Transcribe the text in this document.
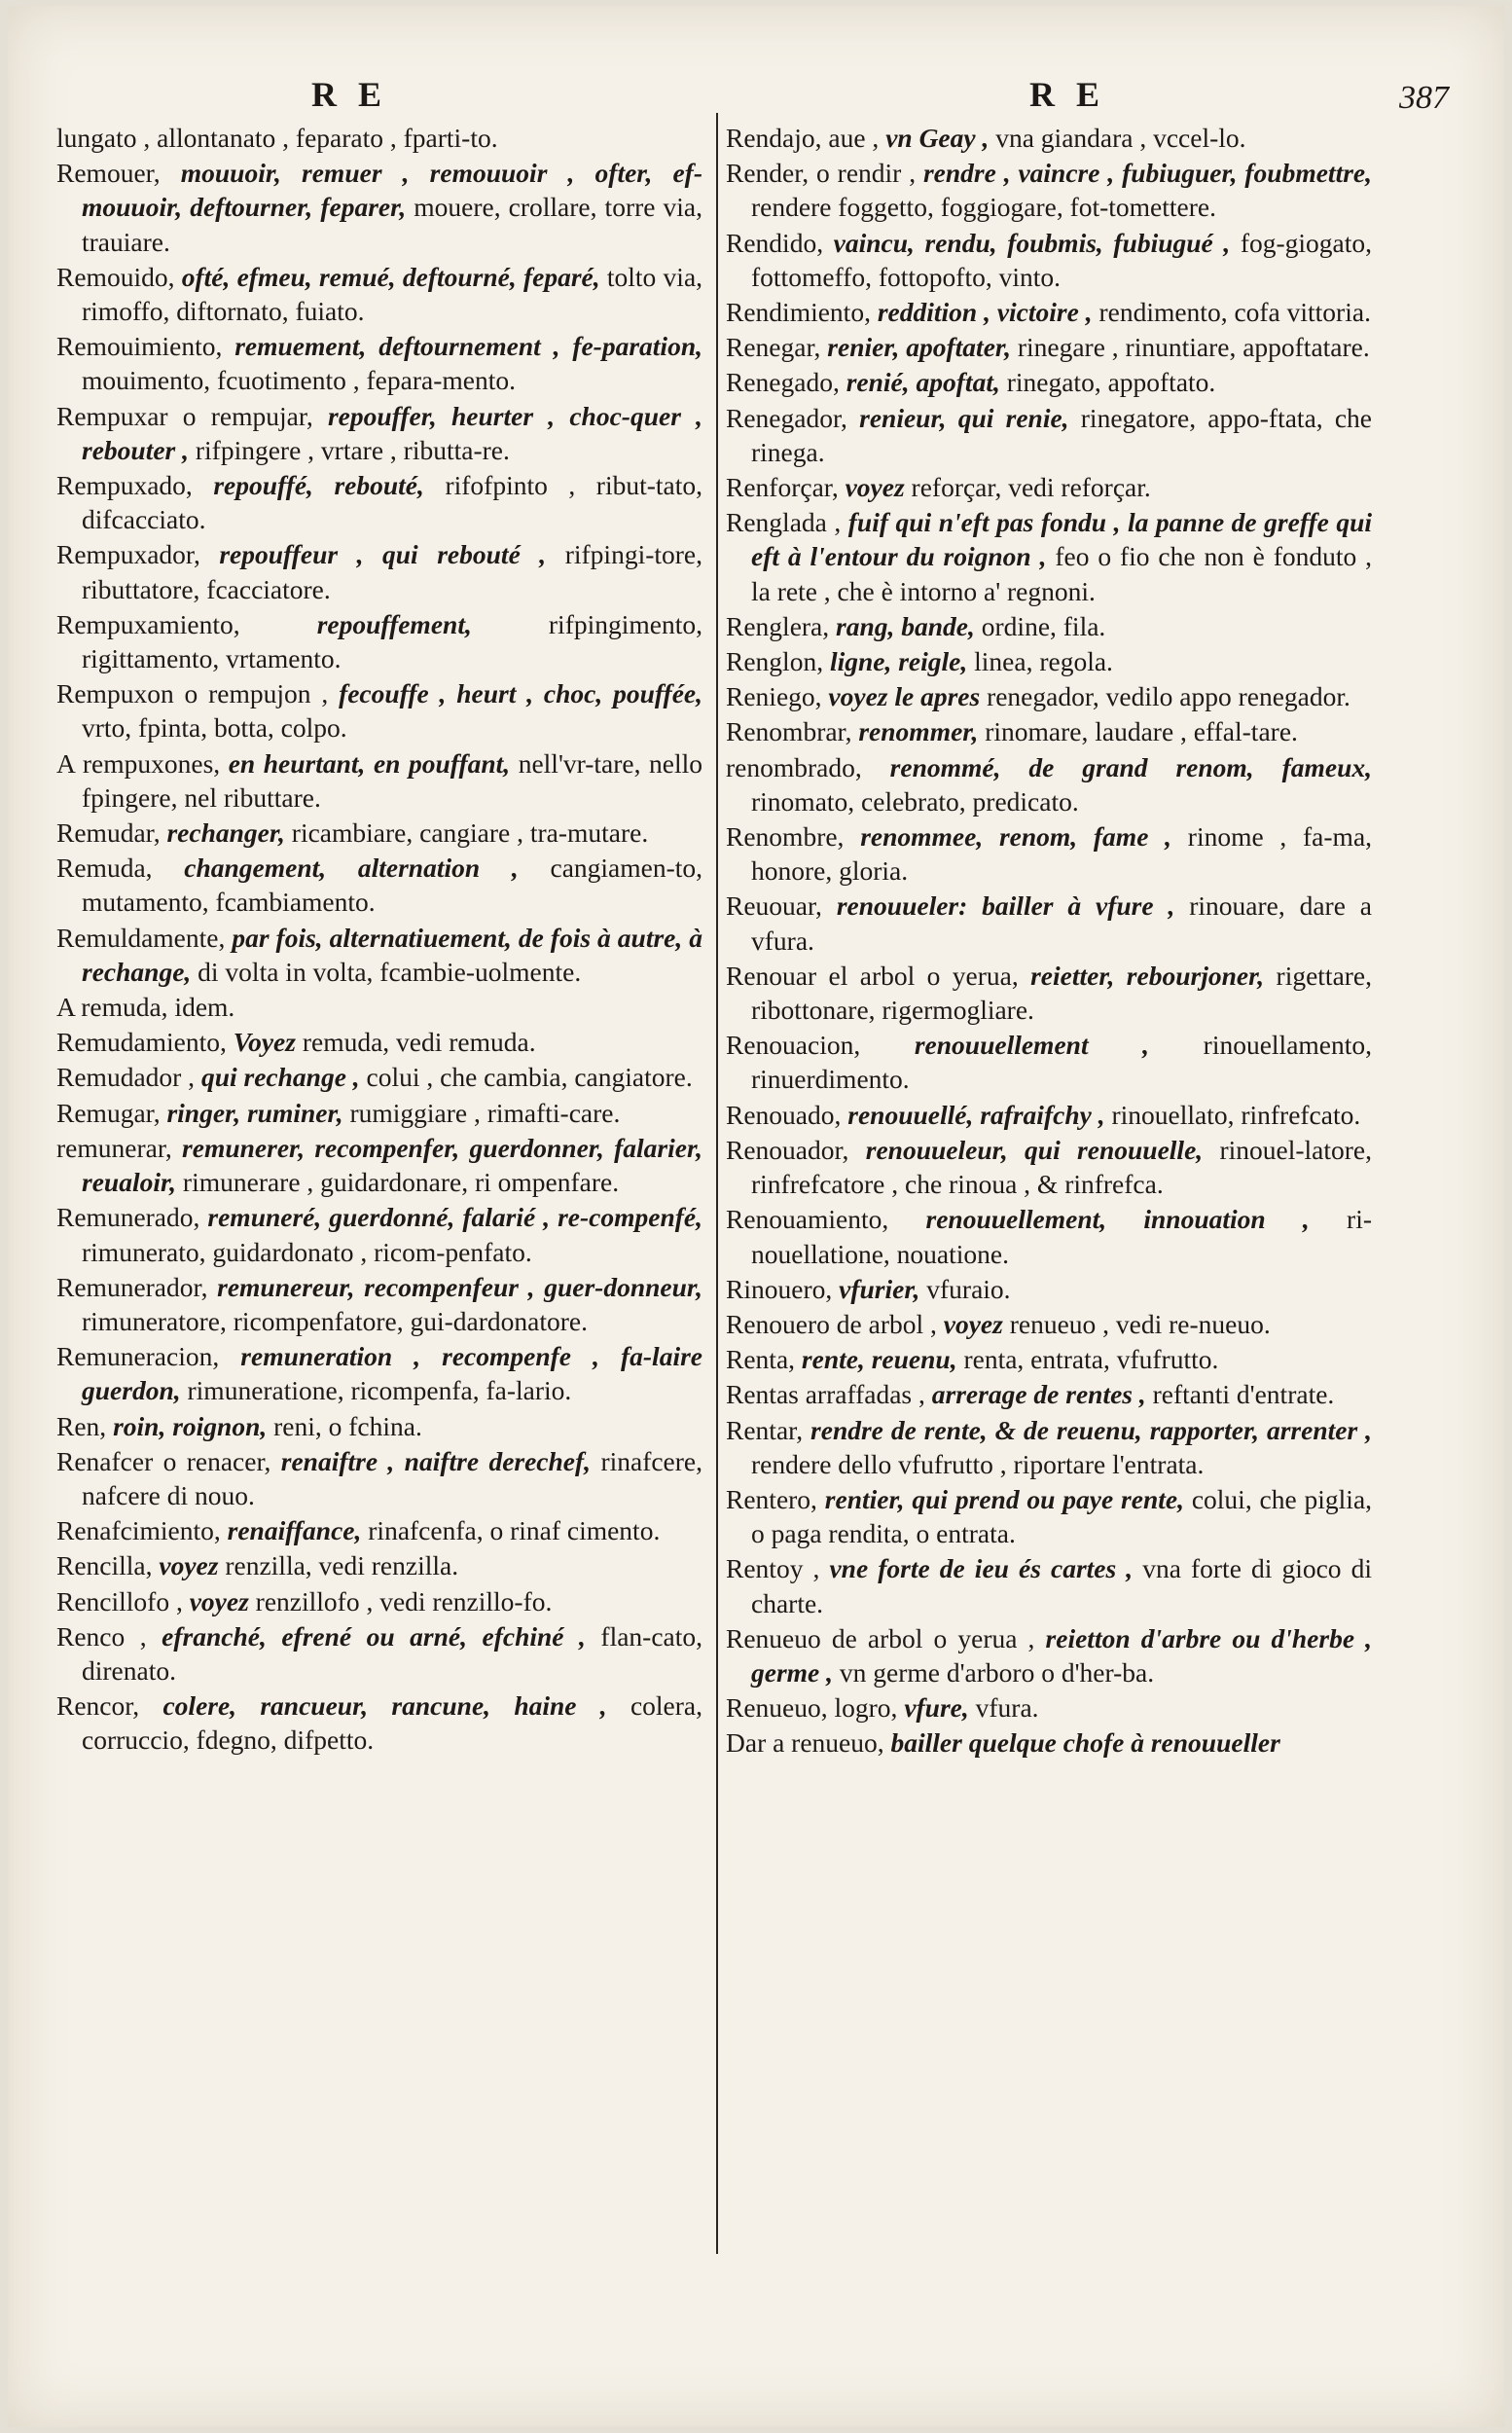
RE	RE	387

lungato , allontanato , feparato , fparti-to.

Remouer, mouuoir, remuer , remouuoir , ofter, ef-mouuoir, deftourner, feparer, mouere, crollare, torre via, trauiare.

Remouido, ofté, efmeu, remué, deftourné, feparé, tolto via, rimoffo, diftornato, fuiato.

Remouimiento, remuement, deftournement , fe-paration, mouimento, fcuotimento , fepara-mento.

Rempuxar o rempujar, repouffer, heurter , choc-quer , rebouter , rifpingere , vrtare , ributta-re.

Rempuxado, repouffé, rebouté, rifofpinto , ribut-tato, difcacciato.

Rempuxador, repouffeur , qui rebouté , rifpingi-tore, ributtatore, fcacciatore.

Rempuxamiento,	repouffement,	rifpingimento, rigittamento, vrtamento.

Rempuxon o rempujon , fecouffe , heurt , choc, pouffée, vrto, fpinta, botta, colpo.

A rempuxones, en heurtant, en pouffant, nell'vr-tare, nello fpingere, nel ributtare.

Remudar, rechanger, ricambiare, cangiare , tra-mutare.

Remuda, changement, alternation , cangiamen-to, mutamento, fcambiamento.

Remuldamente, par fois, alternatiuement, de fois à autre, à rechange, di volta in volta, fcambie-uolmente.

A remuda, idem.

Remudamiento, Voyez remuda, vedi remuda.

Remudador , qui rechange , colui , che cambia, cangiatore.

Remugar, ringer, ruminer, rumiggiare , rimafti-care.

remunerar, remunerer, recompenfer, guerdonner, falarier, reualoir, rimunerare , guidardonare, ri ompenfare.

Remunerado, remuneré, guerdonné, falarié , re-compenfé, rimunerato, guidardonato , ricom-penfato.

Remunerador, remunereur, recompenfeur , guer-donneur, rimuneratore, ricompenfatore, gui-dardonatore.

Remuneracion, remuneration , recompenfe , fa-laire guerdon, rimuneratione, ricompenfa, fa-lario.

Ren, roin, roignon, reni, o fchina.

Renafcer o renacer, renaiftre , naiftre derechef, rinafcere, nafcere di nouo.

Renafcimiento, renaiffance, rinafcenfa, o rinaf cimento.

Rencilla, voyez renzilla, vedi renzilla.

Rencillofo , voyez renzillofo , vedi renzillo-fo.

Renco , efranché, efrené ou arné, efchiné , flan-cato, direnato.

Rencor, colere, rancueur, rancune, haine , colera, corruccio, fdegno, difpetto.

Rendajo, aue , vn Geay , vna giandara , vccel-lo.

Render, o rendir , rendre , vaincre , fubiuguer, foubmettre, rendere foggetto, foggiogare, fot-tomettere.

Rendido, vaincu, rendu, foubmis, fubiugué , fog-giogato, fottomeffo, fottopofto, vinto.

Rendimiento, reddition , victoire , rendimento, cofa vittoria.

Renegar, renier, apoftater, rinegare , rinuntiare, appoftatare.

Renegado, renié, apoftat, rinegato, appoftato.

Renegador, renieur, qui renie, rinegatore, appo-ftata, che rinega.

Renforçar, voyez reforçar, vedi reforçar.

Renglada , fuif qui n'eft pas fondu , la panne de greffe qui eft à l'entour du roignon , feo o fio che non è fonduto , la rete , che è intorno a' regnoni.

Renglera, rang, bande, ordine, fila.

Renglon, ligne, reigle, linea, regola.

Reniego, voyez le apres renegador, vedilo appo renegador.

Renombrar, renommer, rinomare, laudare , effal-tare.

renombrado, renommé, de grand renom, fameux, rinomato, celebrato, predicato.

Renombre, renommee, renom, fame , rinome , fa-ma, honore, gloria.

Reuouar, renouueler: bailler à vfure , rinouare, dare a vfura.

Renouar el arbol o yerua, reietter, rebourjoner, rigettare, ribottonare, rigermogliare.

Renouacion, renouuellement , rinouellamento, rinuerdimento.

Renouado, renouuellé, rafraifchy , rinouellato, rinfrefcato.

Renouador, renouueleur, qui renouuelle, rinouel-latore, rinfrefcatore , che rinoua , & rinfrefca.

Renouamiento, renouuellement, innouation , ri-nouellatione, nouatione.

Rinouero, vfurier, vfuraio.

Renouero de arbol , voyez renueuo , vedi re-nueuo.

Renta, rente, reuenu, renta, entrata, vfufrutto.

Rentas arraffadas , arrerage de rentes , reftanti d'entrate.

Rentar, rendre de rente, & de reuenu, rapporter, arrenter , rendere dello vfufrutto , riportare l'entrata.

Rentero, rentier, qui prend ou paye rente, colui, che piglia, o paga rendita, o entrata.

Rentoy , vne forte de ieu és cartes , vna forte di gioco di charte.

Renueuo de arbol o yerua , reietton d'arbre ou d'herbe , germe , vn germe d'arboro o d'her-ba.

Renueuo, logro, vfure, vfura.

Dar a renueuo, bailler quelque chofe à renouueller
